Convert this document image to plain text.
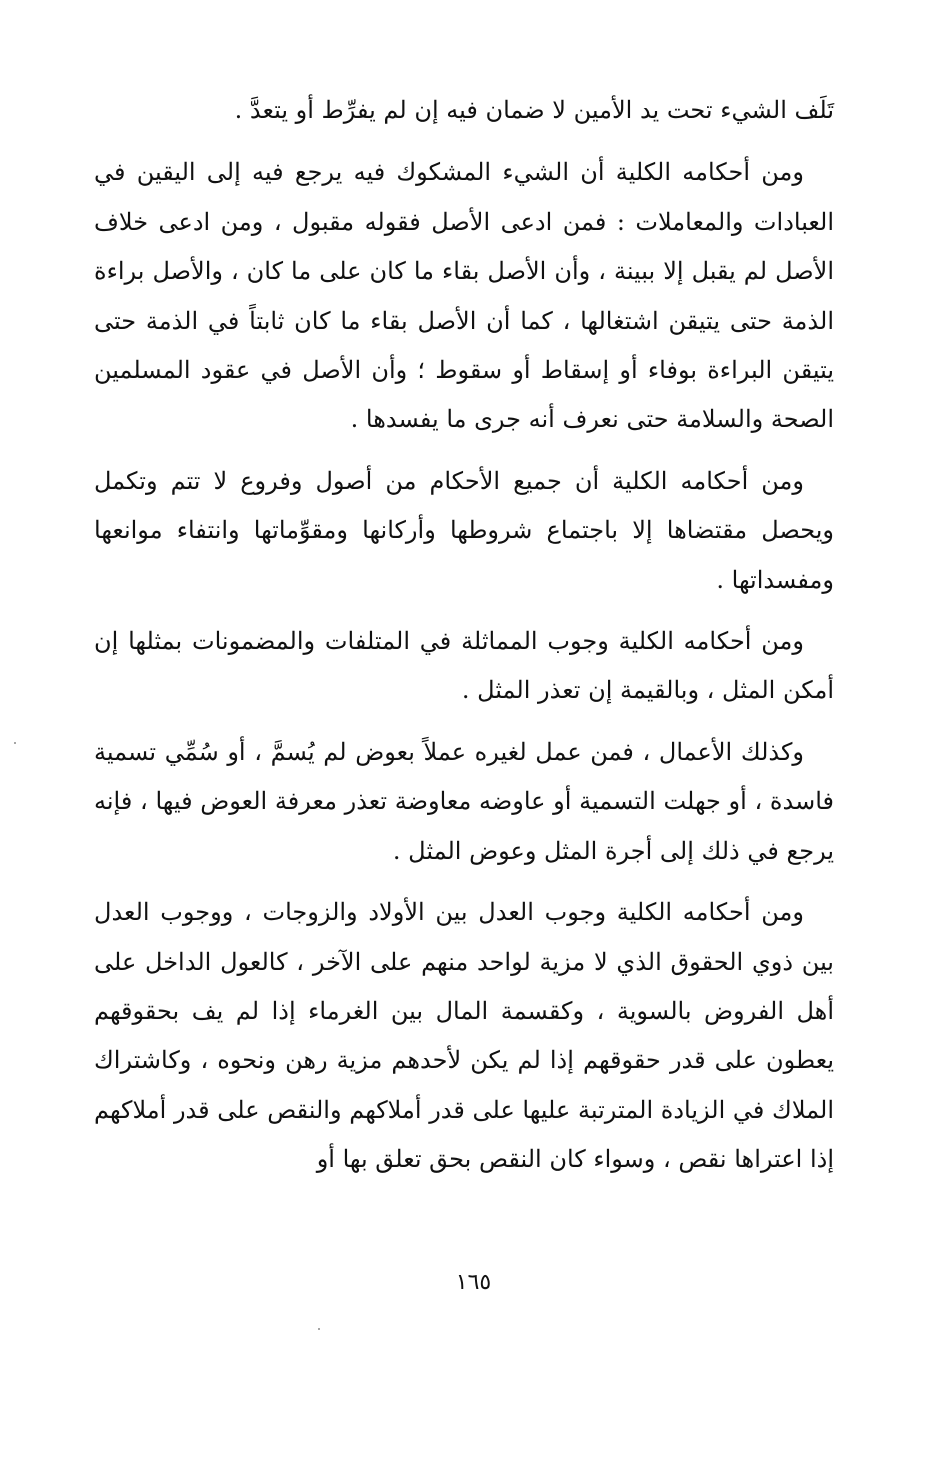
تَلَف الشيء تحت يد الأمين لا ضمان فيه إن لم يفرِّط أو يتعدَّ .

ومن أحكامه الكلية أن الشيء المشكوك فيه يرجع فيه إلى اليقين في العبادات والمعاملات : فمن ادعى الأصل فقوله مقبول ، ومن ادعى خلاف الأصل لم يقبل إلا ببينة ، وأن الأصل بقاء ما كان على ما كان ، والأصل براءة الذمة حتى يتيقن اشتغالها ، كما أن الأصل بقاء ما كان ثابتاً في الذمة حتى يتيقن البراءة بوفاء أو إسقاط أو سقوط ؛ وأن الأصل في عقود المسلمين الصحة والسلامة حتى نعرف أنه جرى ما يفسدها .

ومن أحكامه الكلية أن جميع الأحكام من أصول وفروع لا تتم وتكمل ويحصل مقتضاها إلا باجتماع شروطها وأركانها ومقوِّماتها وانتفاء موانعها ومفسداتها .

ومن أحكامه الكلية وجوب المماثلة في المتلفات والمضمونات بمثلها إن أمكن المثل ، وبالقيمة إن تعذر المثل .

وكذلك الأعمال ، فمن عمل لغيره عملاً بعوض لم يُسمَّ ، أو سُمِّي تسمية فاسدة ، أو جهلت التسمية أو عاوضه معاوضة تعذر معرفة العوض فيها ، فإنه يرجع في ذلك إلى أجرة المثل وعوض المثل .

ومن أحكامه الكلية وجوب العدل بين الأولاد والزوجات ، ووجوب العدل بين ذوي الحقوق الذي لا مزية لواحد منهم على الآخر ، كالعول الداخل على أهل الفروض بالسوية ، وكقسمة المال بين الغرماء إذا لم يف بحقوقهم يعطون على قدر حقوقهم إذا لم يكن لأحدهم مزية رهن ونحوه ، وكاشتراك الملاك في الزيادة المترتبة عليها على قدر أملاكهم والنقص على قدر أملاكهم إذا اعتراها نقص ، وسواء كان النقص بحق تعلق بها أو

١٦٥
